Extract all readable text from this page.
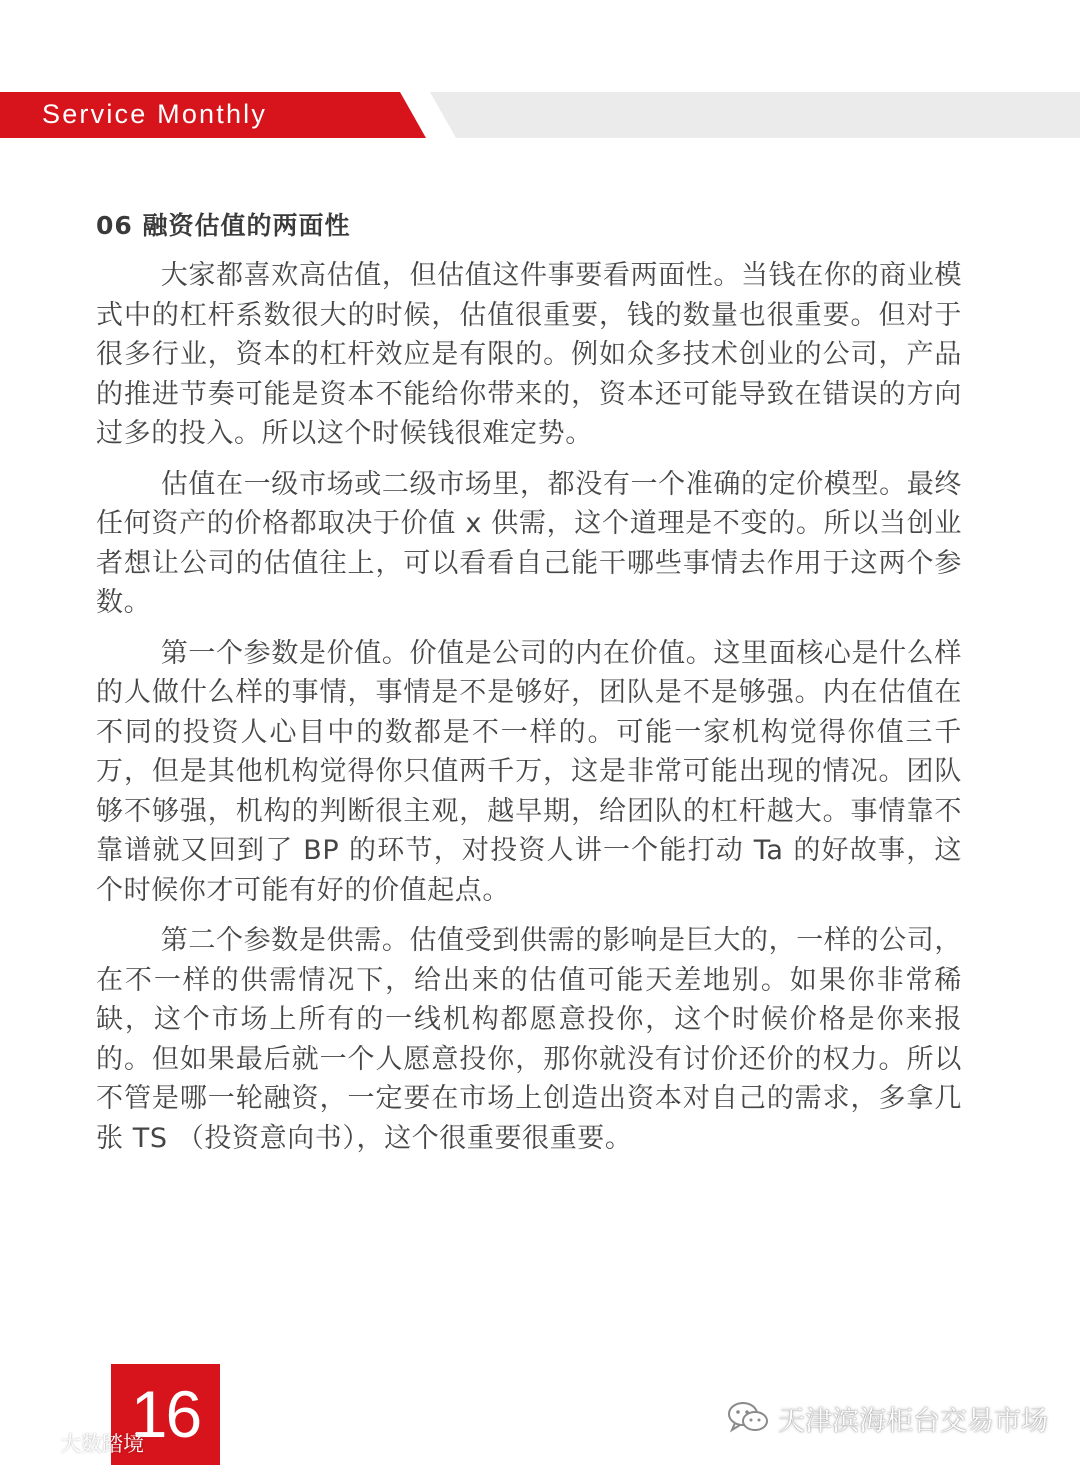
Service Monthly
06 融资估值的两面性

大家都喜欢高估值，但估值这件事要看两面性。当钱在你的商业模式中的杠杆系数很大的时候，估值很重要，钱的数量也很重要。但对于很多行业，资本的杠杆效应是有限的。例如众多技术创业的公司，产品的推进节奏可能是资本不能给你带来的，资本还可能导致在错误的方向过多的投入。所以这个时候钱很难定势。

估值在一级市场或二级市场里，都没有一个准确的定价模型。最终任何资产的价格都取决于价值 x 供需，这个道理是不变的。所以当创业者想让公司的估值往上，可以看看自己能干哪些事情去作用于这两个参数。

第一个参数是价值。价值是公司的内在价值。这里面核心是什么样的人做什么样的事情，事情是不是够好，团队是不是够强。内在估值在不同的投资人心目中的数都是不一样的。可能一家机构觉得你值三千万，但是其他机构觉得你只值两千万，这是非常可能出现的情况。团队够不够强，机构的判断很主观，越早期，给团队的杠杆越大。事情靠不靠谱就又回到了 BP 的环节，对投资人讲一个能打动 Ta 的好故事，这个时候你才可能有好的价值起点。

第二个参数是供需。估值受到供需的影响是巨大的，一样的公司，在不一样的供需情况下，给出来的估值可能天差地别。如果你非常稀缺，这个市场上所有的一线机构都愿意投你，这个时候价格是你来报的。但如果最后就一个人愿意投你，那你就没有讨价还价的权力。所以不管是哪一轮融资，一定要在市场上创造出资本对自己的需求，多拿几张 TS （投资意向书），这个很重要很重要。

16
大数踏境
天津滨海柜台交易市场
